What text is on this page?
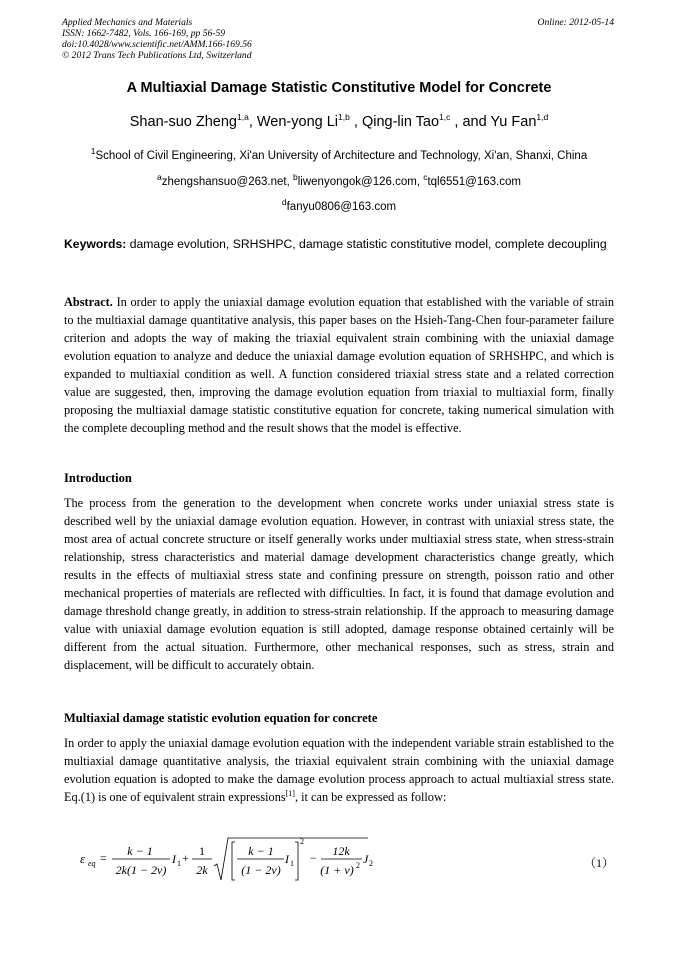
Applied Mechanics and Materials
ISSN: 1662-7482, Vols. 166-169, pp 56-59
doi:10.4028/www.scientific.net/AMM.166-169.56
© 2012 Trans Tech Publications Ltd, Switzerland
Online: 2012-05-14
A Multiaxial Damage Statistic Constitutive Model for Concrete
Shan-suo Zheng$^{1,a}$, Wen-yong Li$^{1,b}$ , Qing-lin Tao$^{1,c}$ , and Yu Fan$^{1,d}$
$^1$School of Civil Engineering, Xi'an University of Architecture and Technology, Xi'an, Shanxi, China
$^a$zhengshansuo@263.net, $^b$liwenyongok@126.com, $^c$tql6551@163.com
$^d$fanyu0806@163.com
Keywords: damage evolution, SRHSHPC, damage statistic constitutive model, complete decoupling
Abstract. In order to apply the uniaxial damage evolution equation that established with the variable of strain to the multiaxial damage quantitative analysis, this paper bases on the Hsieh-Tang-Chen four-parameter failure criterion and adopts the way of making the triaxial equivalent strain combining with the uniaxial damage evolution equation to analyze and deduce the uniaxial damage evolution equation of SRHSHPC, and which is expanded to multiaxial condition as well. A function considered triaxial stress state and a related correction value are suggested, then, improving the damage evolution equation from triaxial to multiaxial form, finally proposing the multiaxial damage statistic constitutive equation for concrete, taking numerical simulation with the complete decoupling method and the result shows that the model is effective.
Introduction
The process from the generation to the development when concrete works under uniaxial stress state is described well by the uniaxial damage evolution equation. However, in contrast with uniaxial stress state, the most area of actual concrete structure or itself generally works under multiaxial stress state, when stress-strain relationship, stress characteristics and material damage development characteristics change greatly, which results in the effects of multiaxial stress state and confining pressure on strength, poisson ratio and other mechanical properties of materials are reflected with difficulties. In fact, it is found that damage evolution and damage threshold change greatly, in addition to stress-strain relationship. If the approach to measuring damage value with uniaxial damage evolution equation is still adopted, damage response obtained certainly will be different from the actual situation. Furthermore, other mechanical responses, such as stress, strain and displacement, will be difficult to accurately obtain.
Multiaxial damage statistic evolution equation for concrete
In order to apply the uniaxial damage evolution equation with the independent variable strain established to the multiaxial damage quantitative analysis, the triaxial equivalent strain combining with the uniaxial damage evolution equation is adopted to make the damage evolution process approach to actual multiaxial stress state. Eq.(1) is one of equivalent strain expressions[1], it can be expressed as follow:
ε eq = k − 1
2k(1 − 2ν)
I 1 + 1
2k
k − 1
(1 − 2ν)
I 1
2
− 12k
(1 + ν) 2 J 2	（1）
